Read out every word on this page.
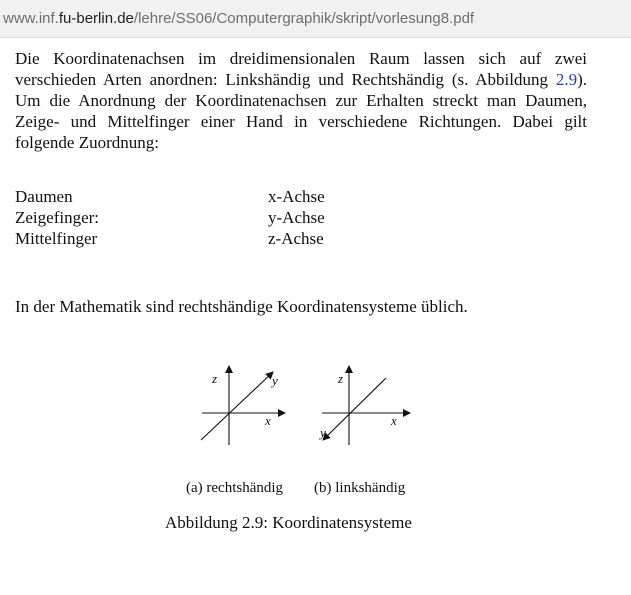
www.inf.fu-berlin.de/lehre/SS06/Computergraphik/skript/vorlesung8.pdf

Die Koordinatenachsen im dreidimensionalen Raum lassen sich auf zwei verschieden Arten anordnen: Linkshändig und Rechtshändig (s. Abbildung 2.9). Um die Anordnung der Koordinatenachsen zur Erhalten streckt man Daumen, Zeige- und Mittelfinger einer Hand in verschiedene Richtungen. Dabei gilt folgende Zuordnung:

Daumen	x-Achse
Zeigefinger:	y-Achse
Mittelfinger	z-Achse

In der Mathematik sind rechtshändige Koordinatensysteme üblich.

z	y
x
z
y
x
(a) rechtshändig (b) linkshändig
Abbildung 2.9: Koordinatensysteme
